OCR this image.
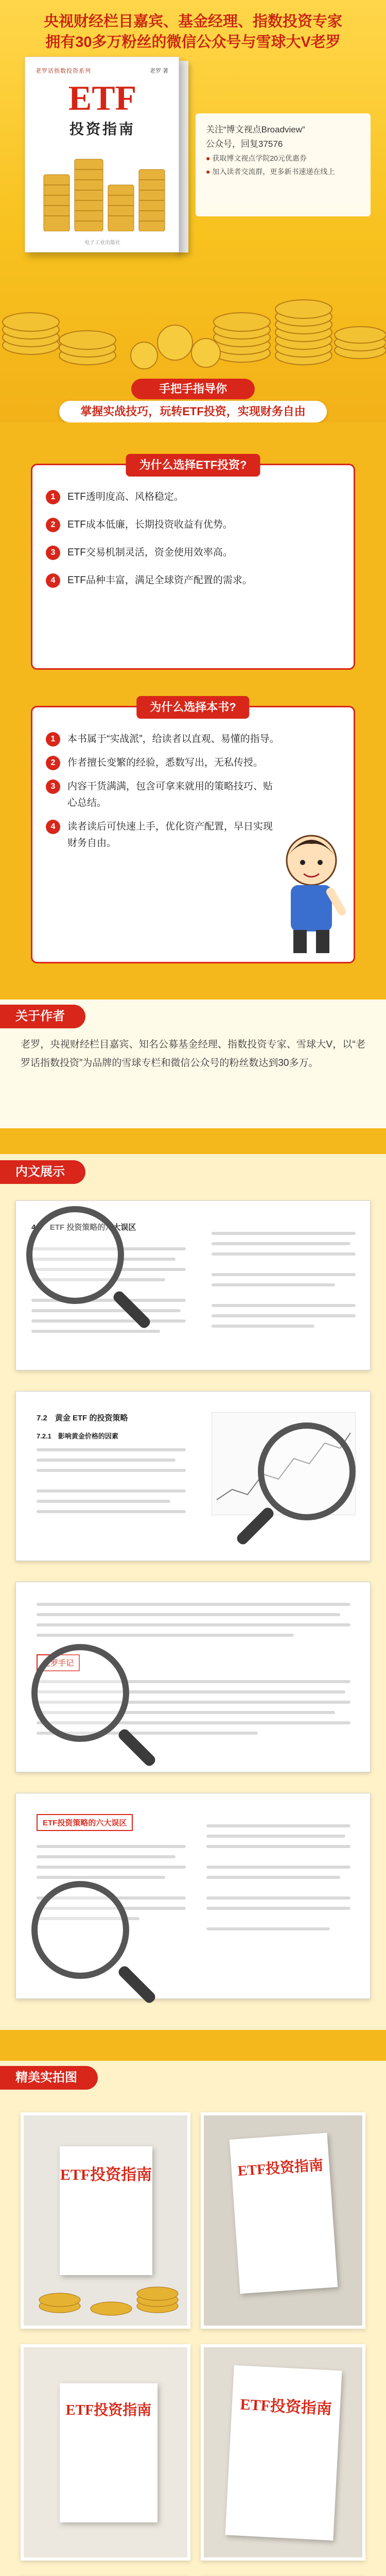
央视财经栏目嘉宾、基金经理、指数投资专家
拥有30多万粉丝的微信公众号与雪球大V老罗
老罗话指数投资系列	老罗 著
ETF
投资指南
电子工业出版社
关注“博文视点Broadview”
公众号，回复37576
● 获取博文视点学院20元优惠券
● 加入读者交流群，更多新书速递在线上
手把手指导你
掌握实战技巧，玩转ETF投资，实现财务自由
为什么选择ETF投资?
1	ETF透明度高、风格稳定。
2	ETF成本低廉，长期投资收益有优势。
3	ETF交易机制灵活，资金使用效率高。
4	ETF品种丰富，满足全球资产配置的需求。
为什么选择本书?
1	本书属于“实战派”，给读者以直观、易懂的指导。
2	作者擅长变繁的经验，悉数写出，无私传授。
3	内容干货满满，包含可拿来就用的策略技巧、贴心总结。
4	读者读后可快速上手，优化资产配置，早日实现财务自由。
关于作者
老罗，央视财经栏目嘉宾、知名公募基金经理、指数投资专家、雪球大V，以“老罗话指数投资”为品牌的雪球专栏和微信公众号的粉丝数达到30多万。
内文展示
4.5　ETF 投资策略的六大误区
7.2　黄金 ETF 的投资策略
7.2.1　影响黄金价格的因素
老罗手记
ETF投资策略的六大误区
精美实拍图
ETF投资指南	ETF投资指南
ETF投资指南	ETF投资指南
